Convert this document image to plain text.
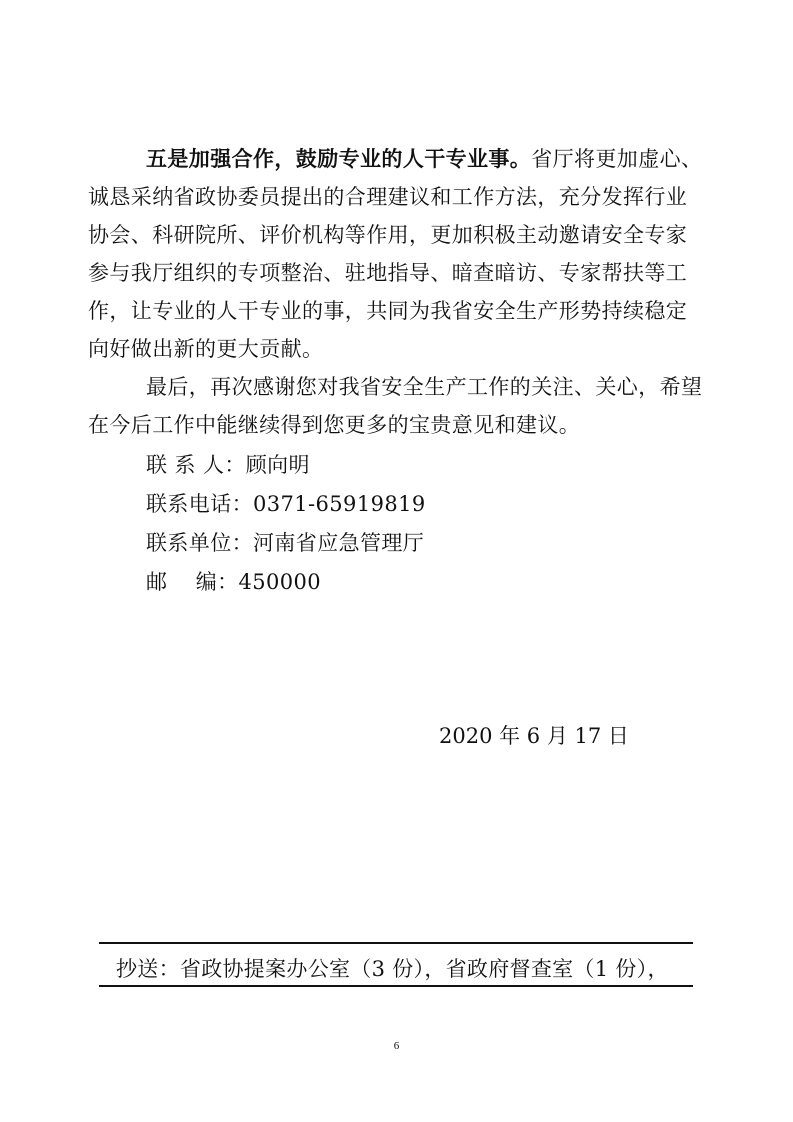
五是加强合作，鼓励专业的人干专业事。省厅将更加虚心、
诚恳采纳省政协委员提出的合理建议和工作方法，充分发挥行业
协会、科研院所、评价机构等作用，更加积极主动邀请安全专家
参与我厅组织的专项整治、驻地指导、暗查暗访、专家帮扶等工
作，让专业的人干专业的事，共同为我省安全生产形势持续稳定
向好做出新的更大贡献。
最后，再次感谢您对我省安全生产工作的关注、关心，希望
在今后工作中能继续得到您更多的宝贵意见和建议。
联 系 人：顾向明
联系电话：0371-65919819
联系单位：河南省应急管理厅
邮    编：450000
2020 年 6 月 17 日
抄送：省政协提案办公室（3 份），省政府督查室（1 份），
6
